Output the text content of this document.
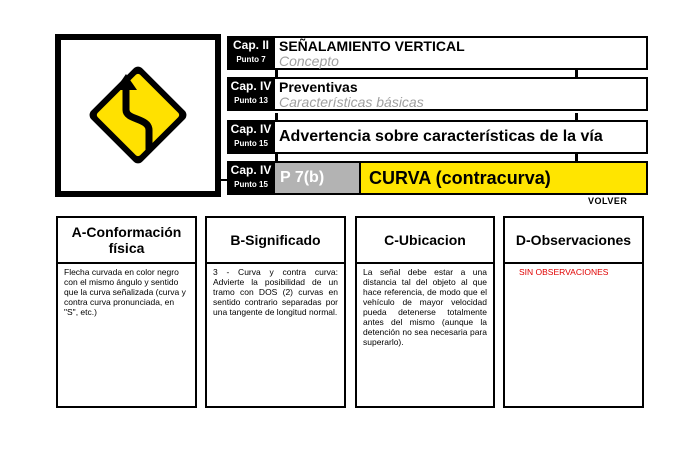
Cap. II
Punto 7
SEÑALAMIENTO VERTICAL
Concepto
Cap. IV
Punto 13
Preventivas
Características básicas
Cap. IV
Punto 15 Advertencia sobre características de la vía
Cap. IV
Punto 15 P 7(b)	CURVA (contracurva)
VOLVER
A-Conformación física
Flecha curvada en color negro con el mismo ángulo y sentido que la curva señalizada (curva y contra curva pronunciada, en "S", etc.)
B-Significado
3 - Curva y contra curva: Advierte la posibilidad de un tramo con DOS (2) curvas en sentido contrario separadas por una tangente de longitud normal.
C-Ubicacion
La señal debe estar a una distancia tal del objeto al que hace referencia, de modo que el vehículo de mayor velocidad pueda detenerse totalmente antes del mismo (aunque la detención no sea necesaria para superarlo).
D-Observaciones
SIN OBSERVACIONES
